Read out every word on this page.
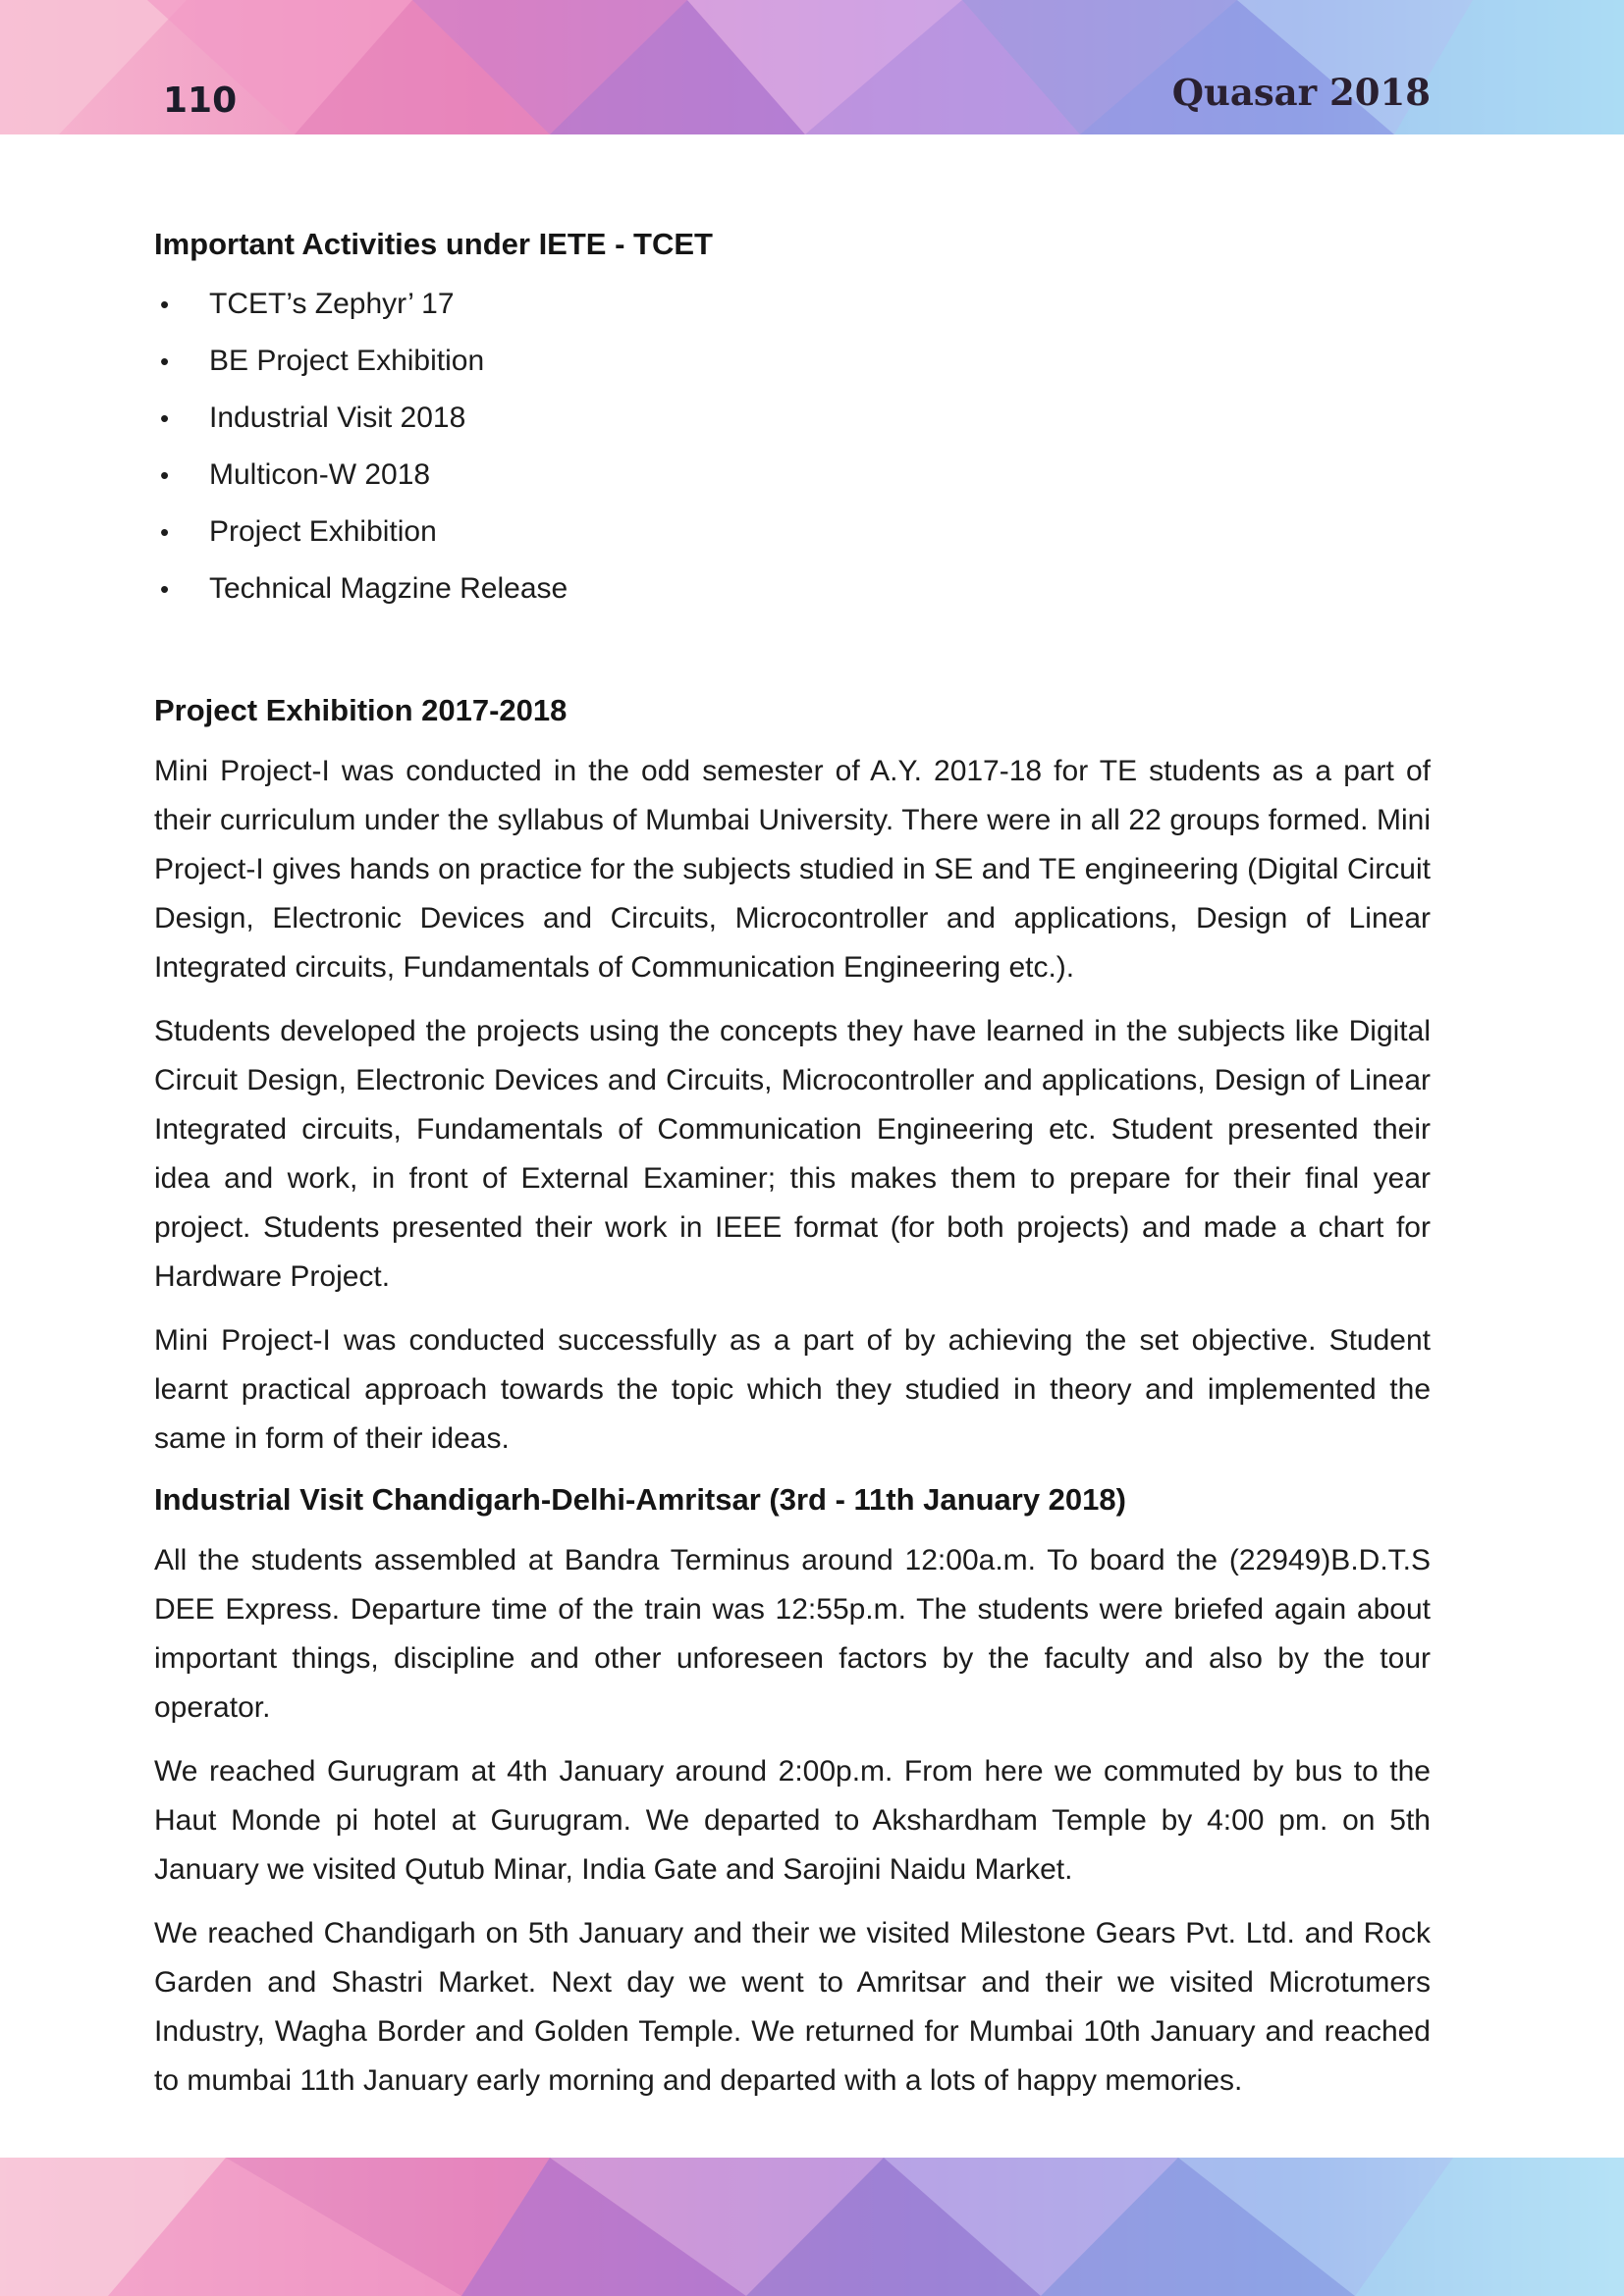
110	Quasar 2018
Important Activities under IETE - TCET
• TCET’s Zephyr’ 17
• BE Project Exhibition
• Industrial Visit 2018
• Multicon-W 2018
• Project Exhibition
• Technical Magzine Release
Project Exhibition 2017-2018

Mini Project-I was conducted in the odd semester of A.Y. 2017-18 for TE students as a part of their curriculum under the syllabus of Mumbai University. There were in all 22 groups formed. Mini Project-I gives hands on practice for the subjects studied in SE and TE engineering (Digital Circuit Design, Electronic Devices and Circuits, Microcontroller and applications, Design of Linear Integrated circuits, Fundamentals of Communication Engineering etc.).

Students developed the projects using the concepts they have learned in the subjects like Digital Circuit Design, Electronic Devices and Circuits, Microcontroller and applications, Design of Linear Integrated circuits, Fundamentals of Communication Engineering etc. Student presented their idea and work, in front of External Examiner; this makes them to prepare for their final year project. Students presented their work in IEEE format (for both projects) and made a chart for Hardware Project.

Mini Project-I was conducted successfully as a part of by achieving the set objective. Student learnt practical approach towards the topic which they studied in theory and implemented the same in form of their ideas.

Industrial Visit Chandigarh-Delhi-Amritsar (3rd - 11th January 2018)

All the students assembled at Bandra Terminus around 12:00a.m. To board the (22949)B.D.T.S DEE Express. Departure time of the train was 12:55p.m. The students were briefed again about important things, discipline and other unforeseen factors by the faculty and also by the tour operator.

We reached Gurugram at 4th January around 2:00p.m. From here we commuted by bus to the Haut Monde pi hotel at Gurugram. We departed to Akshardham Temple by 4:00 pm. on 5th January we visited Qutub Minar, India Gate and Sarojini Naidu Market.

We reached Chandigarh on 5th January and their we visited Milestone Gears Pvt. Ltd. and Rock Garden and Shastri Market. Next day we went to Amritsar and their we visited Microtumers Industry, Wagha Border and Golden Temple. We returned for Mumbai 10th January and reached to mumbai 11th January early morning and departed with a lots of happy memories.
